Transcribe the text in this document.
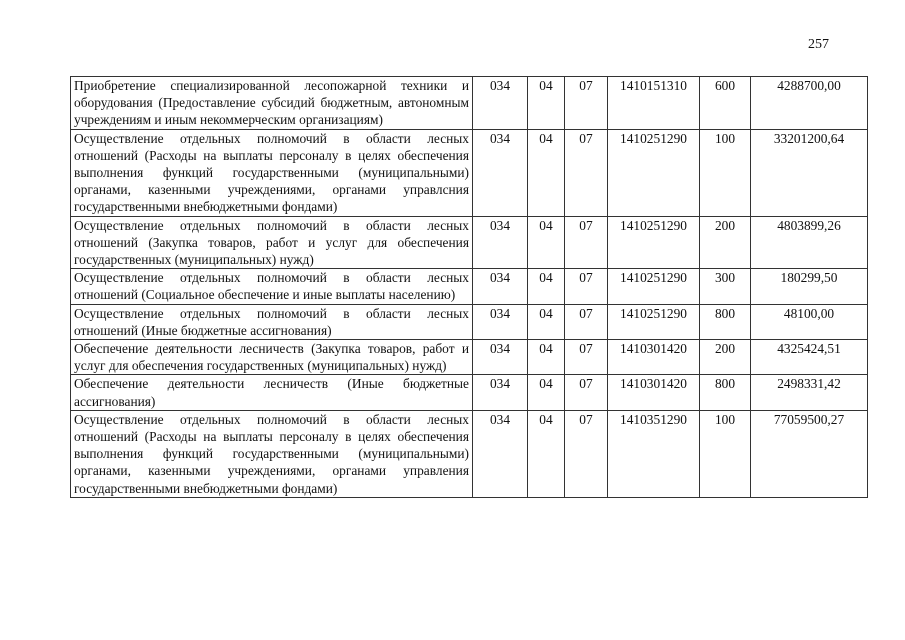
257
Приобретение специализированной лесопожарной техники и оборудования (Предоставление субсидий бюджетным, автономным учреждениям и иным некоммерческим организациям)	034	04	07	1410151310	600	4288700,00
Осуществление отдельных полномочий в области лесных отношений (Расходы на выплаты персоналу в целях обеспечения выполнения функций государственными (муниципальными) органами, казенными учреждениями, органами управлсния государственными внебюджетными фондами)	034	04	07	1410251290	100	33201200,64
Осуществление отдельных полномочий в области лесных отношений (Закупка товаров, работ и услуг для обеспечения государственных (муниципальных) нужд)	034	04	07	1410251290	200	4803899,26
Осуществление отдельных полномочий в области лесных отношений (Социальное обеспечение и иные выплаты населению)	034	04	07	1410251290	300	180299,50
Осуществление отдельных полномочий в области лесных отношений (Иные бюджетные ассигнования)	034	04	07	1410251290	800	48100,00
Обеспечение деятельности лесничеств (Закупка товаров, работ и услуг для обеспечения государственных (муниципальных) нужд)	034	04	07	1410301420	200	4325424,51
Обеспечение деятельности лесничеств (Иные бюджетные ассигнования)	034	04	07	1410301420	800	2498331,42
Осуществление отдельных полномочий в области лесных отношений (Расходы на выплаты персоналу в целях обеспечения выполнения функций государственными (муниципальными) органами, казенными учреждениями, органами управления государственными внебюджетными фондами)	034	04	07	1410351290	100	77059500,27
